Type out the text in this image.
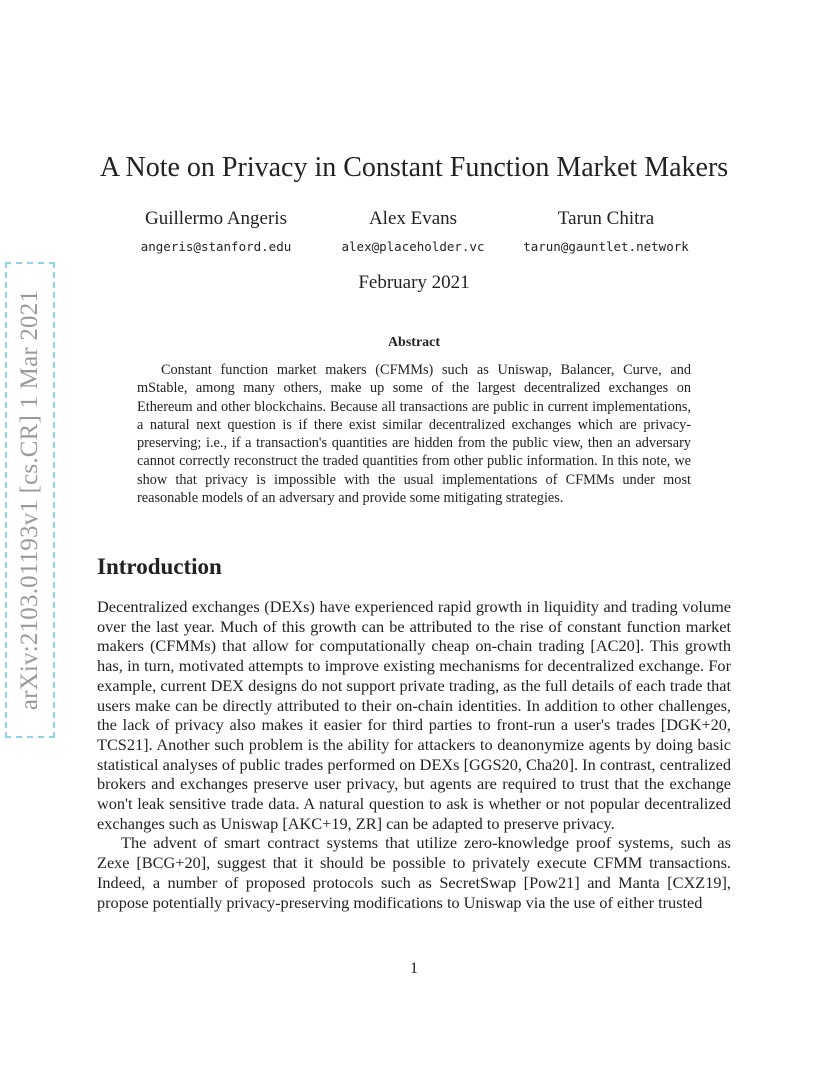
arXiv:2103.01193v1 [cs.CR] 1 Mar 2021
A Note on Privacy in Constant Function Market Makers
Guillermo Angeris
angeris@stanford.edu
Alex Evans
alex@placeholder.vc
Tarun Chitra
tarun@gauntlet.network
February 2021
Abstract

Constant function market makers (CFMMs) such as Uniswap, Balancer, Curve, and mStable, among many others, make up some of the largest decentralized exchanges on Ethereum and other blockchains. Because all transactions are public in current implementations, a natural next question is if there exist similar decentralized exchanges which are privacy-preserving; i.e., if a transaction's quantities are hidden from the public view, then an adversary cannot correctly reconstruct the traded quantities from other public information. In this note, we show that privacy is impossible with the usual implementations of CFMMs under most reasonable models of an adversary and provide some mitigating strategies.

Introduction

Decentralized exchanges (DEXs) have experienced rapid growth in liquidity and trading volume over the last year. Much of this growth can be attributed to the rise of constant function market makers (CFMMs) that allow for computationally cheap on-chain trading [AC20]. This growth has, in turn, motivated attempts to improve existing mechanisms for decentralized exchange. For example, current DEX designs do not support private trading, as the full details of each trade that users make can be directly attributed to their on-chain identities. In addition to other challenges, the lack of privacy also makes it easier for third parties to front-run a user's trades [DGK+20, TCS21]. Another such problem is the ability for attackers to deanonymize agents by doing basic statistical analyses of public trades performed on DEXs [GGS20, Cha20]. In contrast, centralized brokers and exchanges preserve user privacy, but agents are required to trust that the exchange won't leak sensitive trade data. A natural question to ask is whether or not popular decentralized exchanges such as Uniswap [AKC+19, ZR] can be adapted to preserve privacy.

The advent of smart contract systems that utilize zero-knowledge proof systems, such as Zexe [BCG+20], suggest that it should be possible to privately execute CFMM transactions. Indeed, a number of proposed protocols such as SecretSwap [Pow21] and Manta [CXZ19], propose potentially privacy-preserving modifications to Uniswap via the use of either trusted

1
